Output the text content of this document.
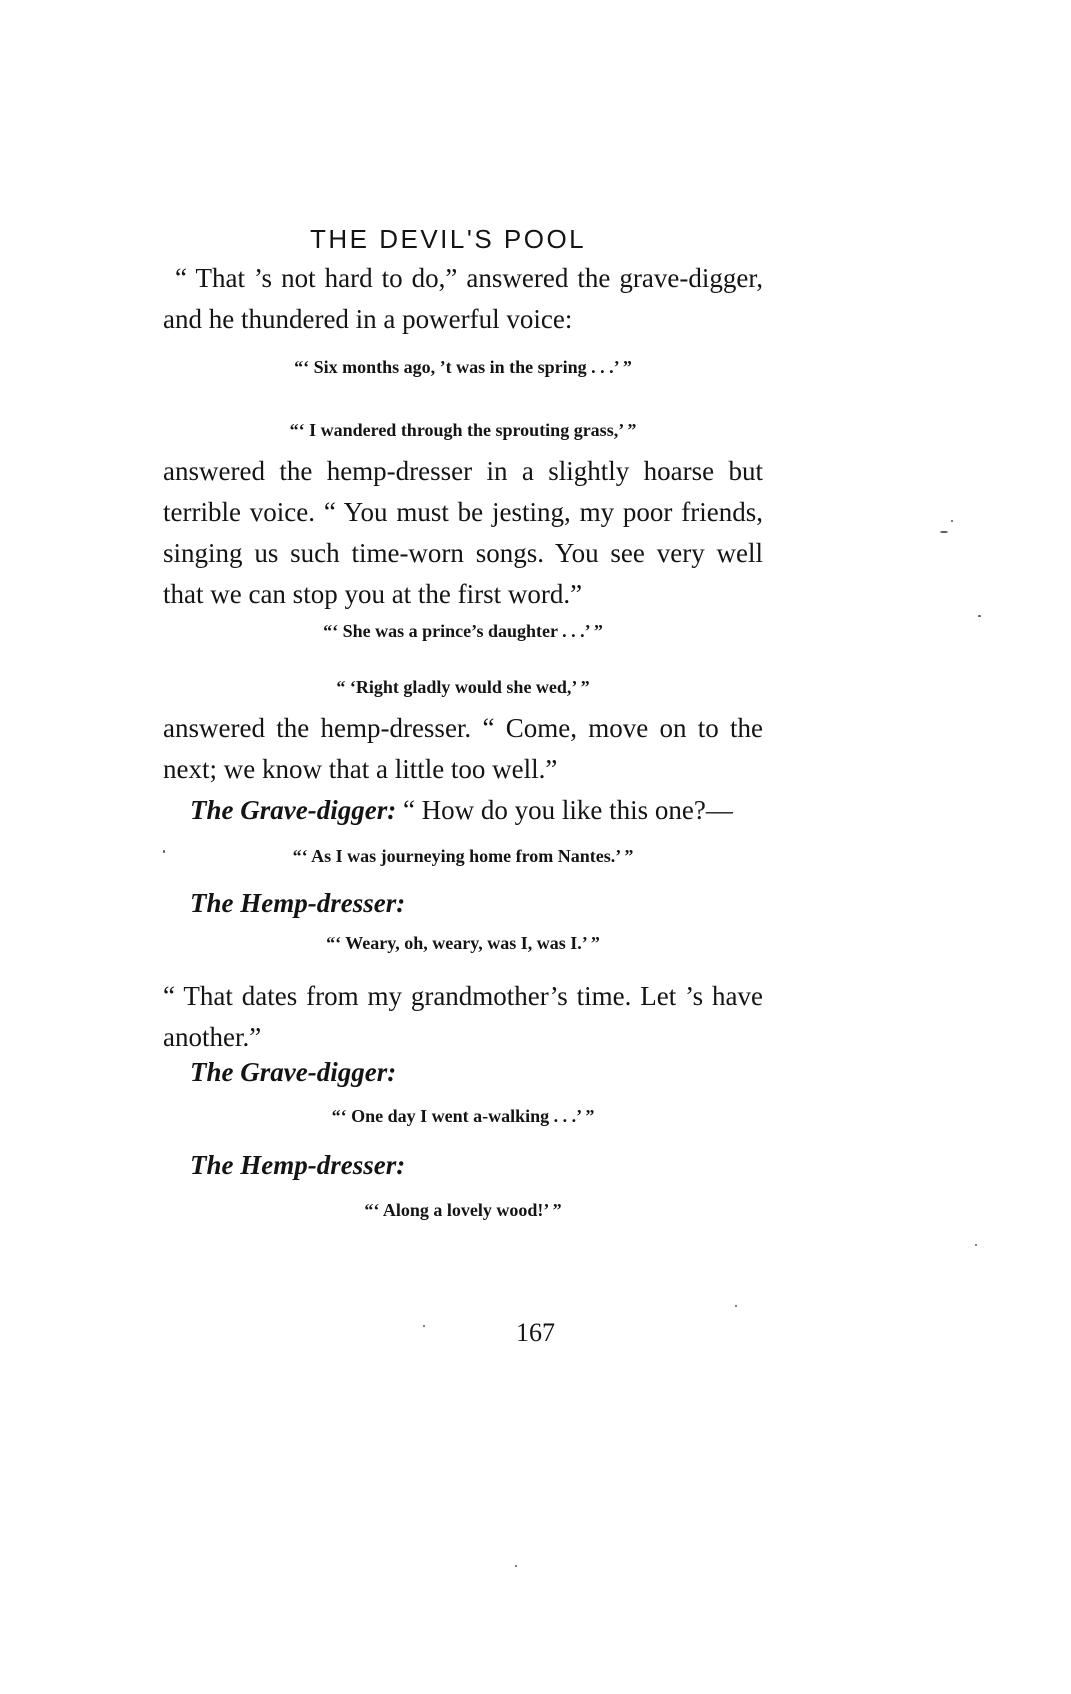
THE DEVIL'S POOL

“ That ’s not hard to do,” answered the grave-digger, and he thundered in a powerful voice:

“‘ Six months ago, ’t was in the spring . . .’ ”
“‘ I wandered through the sprouting grass,’ ”

answered the hemp-dresser in a slightly hoarse but terrible voice. “ You must be jesting, my poor friends, singing us such time-worn songs. You see very well that we can stop you at the first word.”

“‘ She was a prince’s daughter . . .’ ”
“ ‘Right gladly would she wed,’ ”

answered the hemp-dresser. “ Come, move on to the next; we know that a little too well.”

The Grave-digger: “ How do you like this one?—
“‘ As I was journeying home from Nantes.’ ”
The Hemp-dresser:
“‘ Weary, oh, weary, was I, was I.’ ”

“ That dates from my grandmother’s time. Let ’s have another.”

The Grave-digger:
“‘ One day I went a-walking . . .’ ”
The Hemp-dresser:
“‘ Along a lovely wood!’ ”
167
